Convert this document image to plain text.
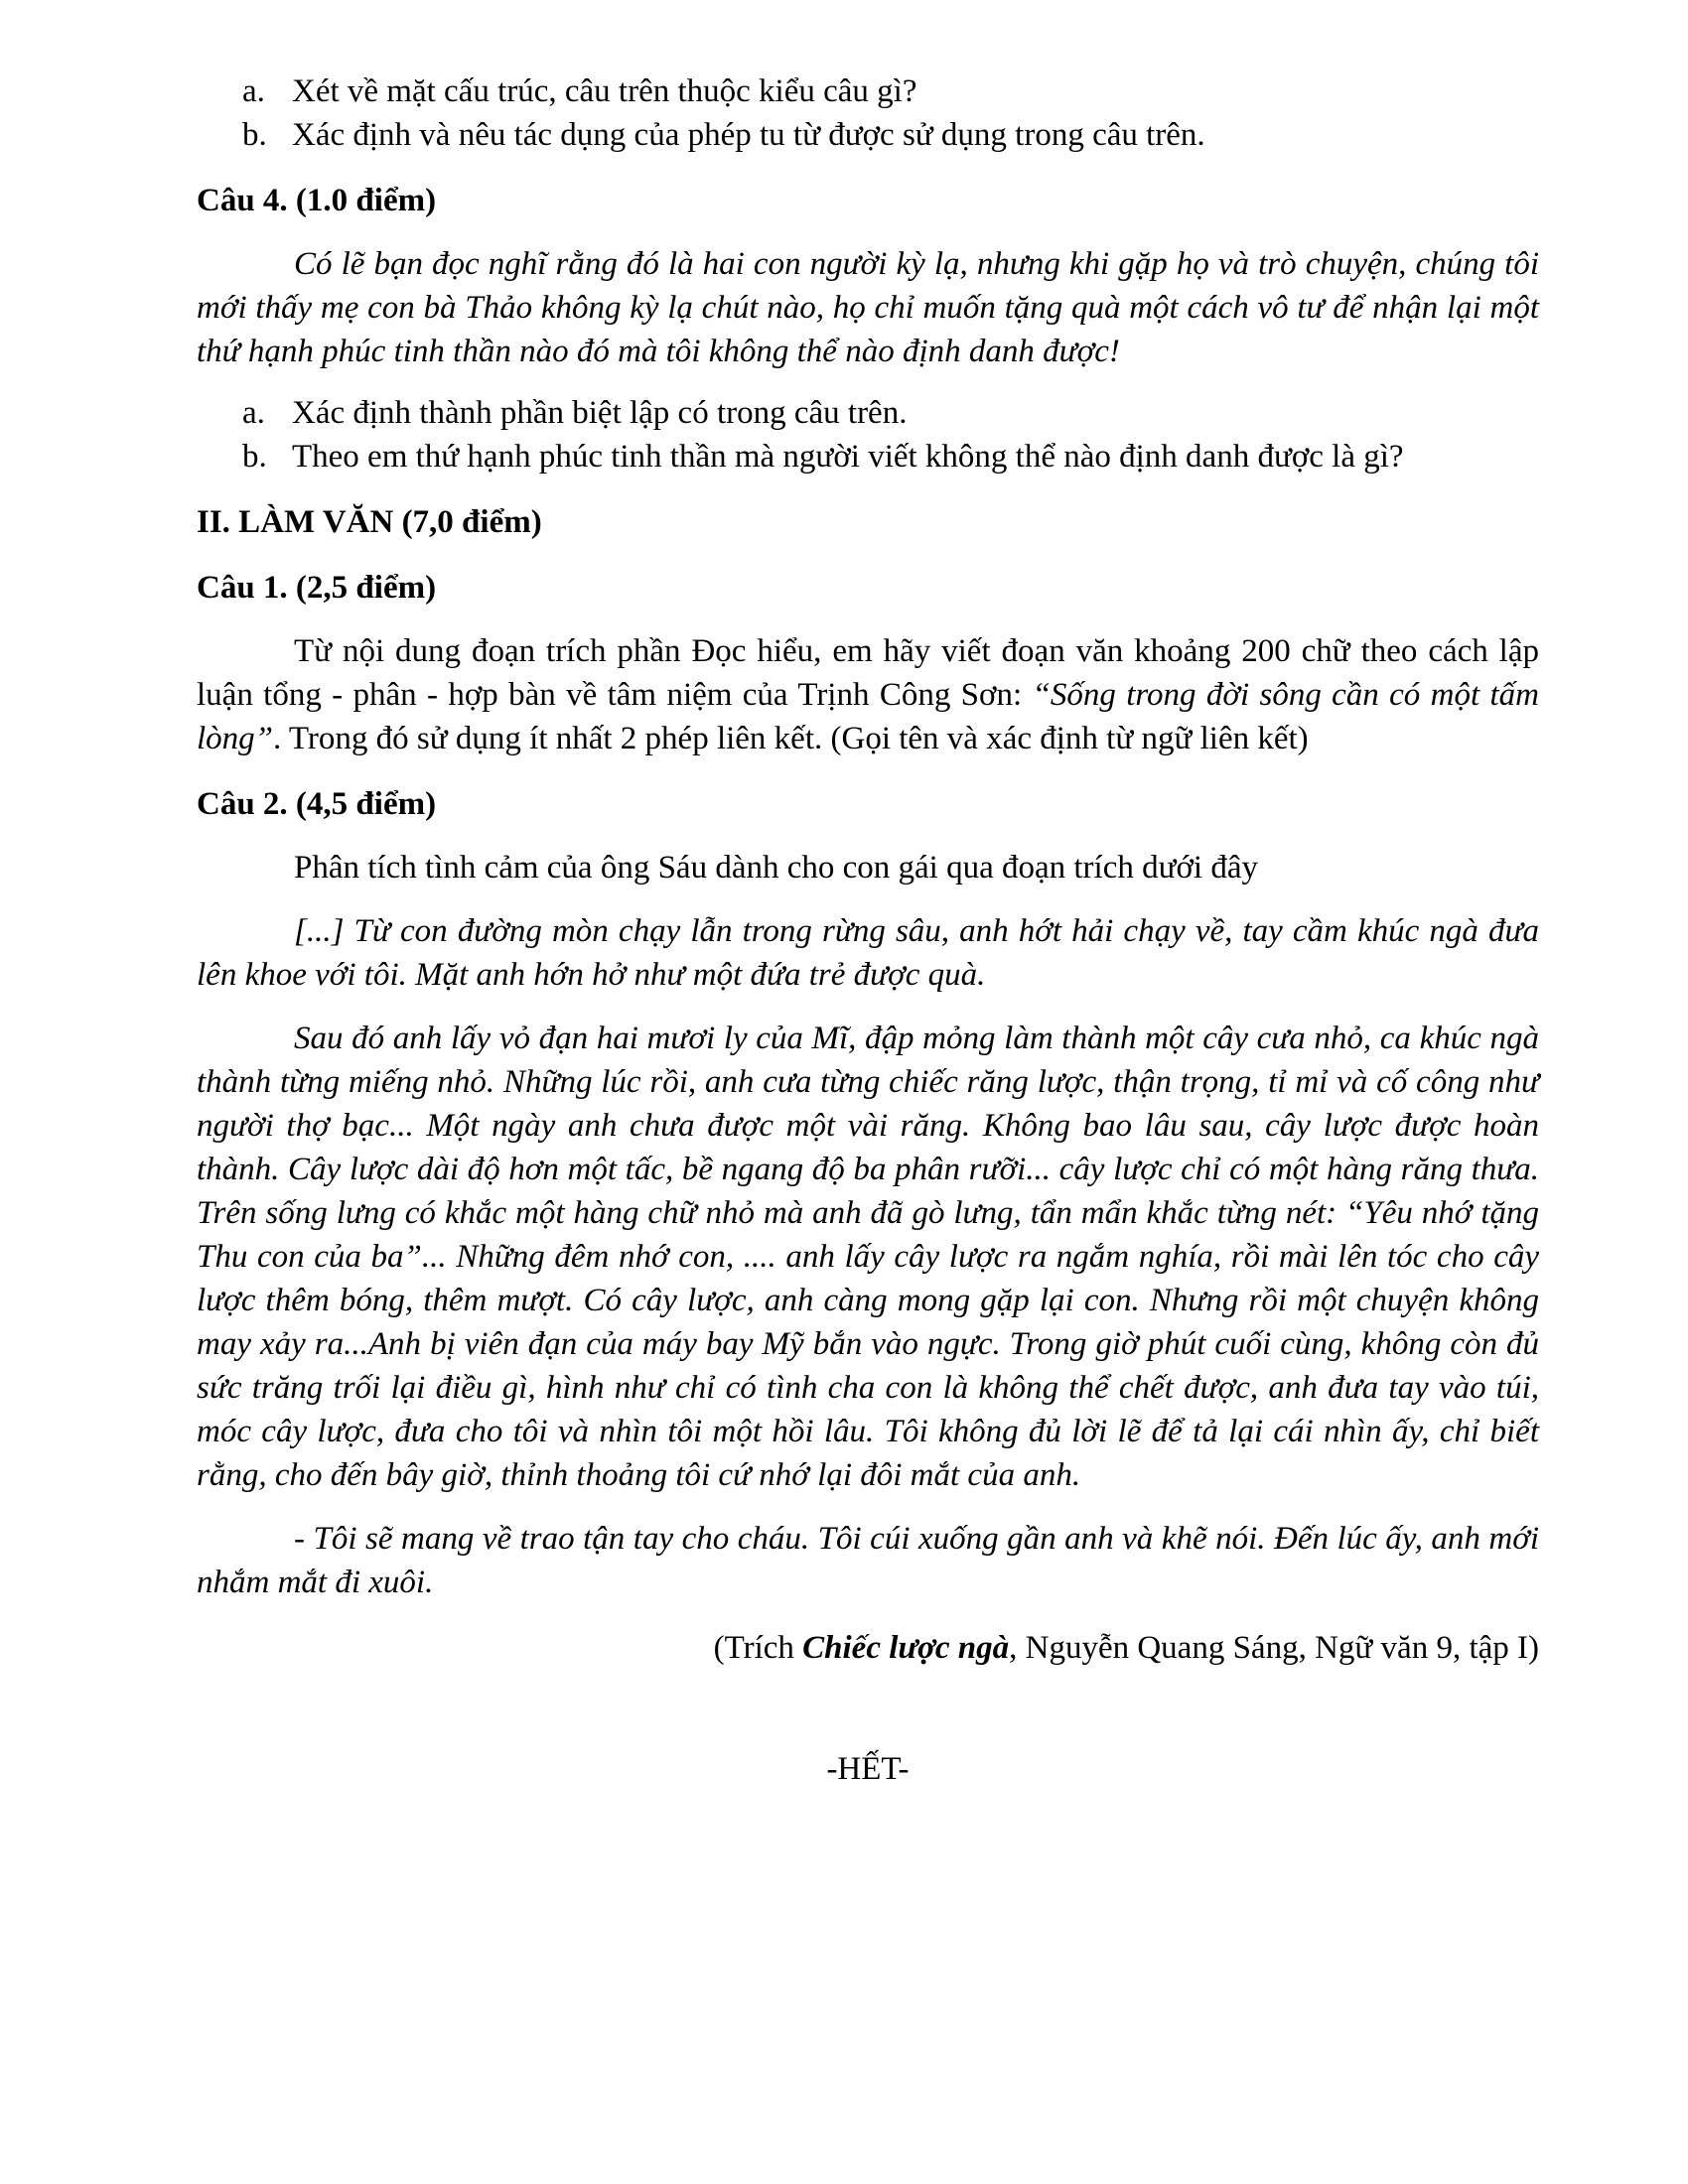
a. Xét về mặt cấu trúc, câu trên thuộc kiểu câu gì?
b. Xác định và nêu tác dụng của phép tu từ được sử dụng trong câu trên.
Câu 4. (1.0 điểm)
Có lẽ bạn đọc nghĩ rằng đó là hai con người kỳ lạ, nhưng khi gặp họ và trò chuyện, chúng tôi mới thấy mẹ con bà Thảo không kỳ lạ chút nào, họ chỉ muốn tặng quà một cách vô tư để nhận lại một thứ hạnh phúc tinh thần nào đó mà tôi không thể nào định danh được!
a. Xác định thành phần biệt lập có trong câu trên.
b. Theo em thứ hạnh phúc tinh thần mà người viết không thể nào định danh được là gì?
II. LÀM VĂN (7,0 điểm)
Câu 1. (2,5 điểm)
Từ nội dung đoạn trích phần Đọc hiểu, em hãy viết đoạn văn khoảng 200 chữ theo cách lập luận tổng - phân - hợp bàn về tâm niệm của Trịnh Công Sơn: “Sống trong đời sông cần có một tấm lòng”. Trong đó sử dụng ít nhất 2 phép liên kết. (Gọi tên và xác định từ ngữ liên kết)
Câu 2. (4,5 điểm)
Phân tích tình cảm của ông Sáu dành cho con gái qua đoạn trích dưới đây
[...] Từ con đường mòn chạy lẫn trong rừng sâu, anh hớt hải chạy về, tay cầm khúc ngà đưa lên khoe với tôi. Mặt anh hớn hở như một đứa trẻ được quà.
Sau đó anh lấy vỏ đạn hai mươi ly của Mĩ, đập mỏng làm thành một cây cưa nhỏ, ca khúc ngà thành từng miếng nhỏ. Những lúc rồi, anh cưa từng chiếc răng lược, thận trọng, tỉ mỉ và cố công như người thợ bạc... Một ngày anh chưa được một vài răng. Không bao lâu sau, cây lược được hoàn thành. Cây lược dài độ hơn một tấc, bề ngang độ ba phân rưỡi... cây lược chỉ có một hàng răng thưa. Trên sống lưng có khắc một hàng chữ nhỏ mà anh đã gò lưng, tẩn mẩn khắc từng nét: “Yêu nhớ tặng Thu con của ba”... Những đêm nhớ con, .... anh lấy cây lược ra ngắm nghía, rồi mài lên tóc cho cây lược thêm bóng, thêm mượt. Có cây lược, anh càng mong gặp lại con. Nhưng rồi một chuyện không may xảy ra...Anh bị viên đạn của máy bay Mỹ bắn vào ngực. Trong giờ phút cuối cùng, không còn đủ sức trăng trối lại điều gì, hình như chỉ có tình cha con là không thể chết được, anh đưa tay vào túi, móc cây lược, đưa cho tôi và nhìn tôi một hồi lâu. Tôi không đủ lời lẽ để tả lại cái nhìn ấy, chỉ biết rằng, cho đến bây giờ, thỉnh thoảng tôi cứ nhớ lại đôi mắt của anh.
- Tôi sẽ mang về trao tận tay cho cháu. Tôi cúi xuống gần anh và khẽ nói. Đến lúc ấy, anh mới nhắm mắt đi xuôi.
(Trích Chiếc lược ngà, Nguyễn Quang Sáng, Ngữ văn 9, tập I)
-HẾT-
